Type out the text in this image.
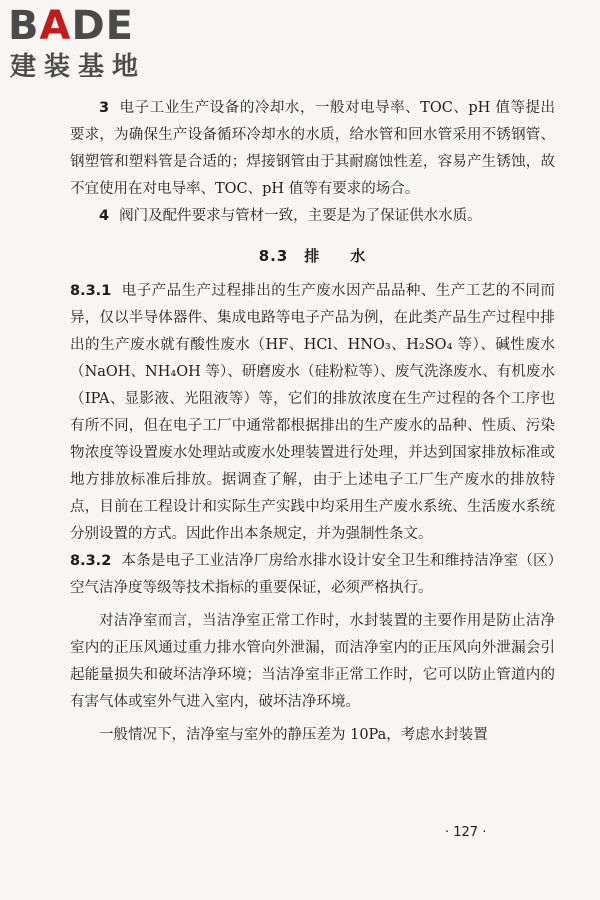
BADE
建装基地

3 电子工业生产设备的冷却水，一般对电导率、TOC、pH 值等提出要求，为确保生产设备循环冷却水的水质，给水管和回水管采用不锈钢管、钢塑管和塑料管是合适的；焊接钢管由于其耐腐蚀性差，容易产生锈蚀，故不宜使用在对电导率、TOC、pH 值等有要求的场合。

4 阀门及配件要求与管材一致，主要是为了保证供水水质。

8.3 排 水

8.3.1 电子产品生产过程排出的生产废水因产品品种、生产工艺的不同而异，仅以半导体器件、集成电路等电子产品为例，在此类产品生产过程中排出的生产废水就有酸性废水（HF、HCl、HNO₃、H₂SO₄ 等）、碱性废水（NaOH、NH₄OH 等）、研磨废水（硅粉粒等）、废气洗涤废水、有机废水（IPA、显影液、光阻液等）等，它们的排放浓度在生产过程的各个工序也有所不同，但在电子工厂中通常都根据排出的生产废水的品种、性质、污染物浓度等设置废水处理站或废水处理装置进行处理，并达到国家排放标准或地方排放标准后排放。据调查了解，由于上述电子工厂生产废水的排放特点，目前在工程设计和实际生产实践中均采用生产废水系统、生活废水系统分别设置的方式。因此作出本条规定，并为强制性条文。

8.3.2 本条是电子工业洁净厂房给水排水设计安全卫生和维持洁净室（区）空气洁净度等级等技术指标的重要保证，必须严格执行。

对洁净室而言，当洁净室正常工作时，水封装置的主要作用是防止洁净室内的正压风通过重力排水管向外泄漏，而洁净室内的正压风向外泄漏会引起能量损失和破坏洁净环境；当洁净室非正常工作时，它可以防止管道内的有害气体或室外气进入室内，破坏洁净环境。

一般情况下，洁净室与室外的静压差为 10Pa，考虑水封装置

· 127 ·
